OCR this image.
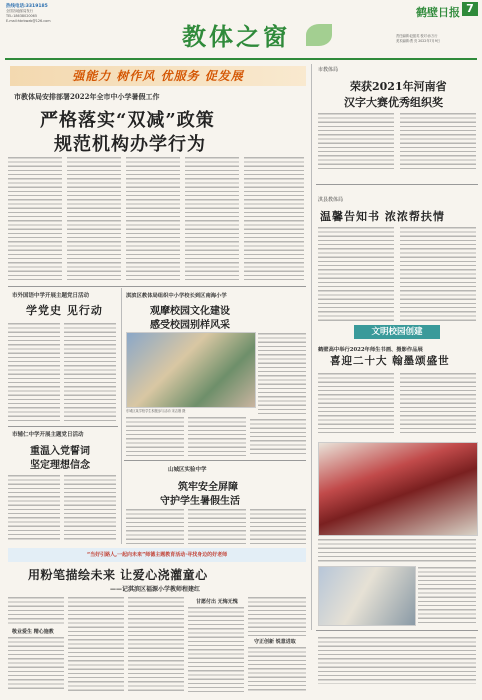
热线电话:3319185
全国各地邮局发行
TEL:18638020065
E-mail:hbrbwzb@126.com
教体之窗
鹤壁日报 7
责任编辑:赵振英 校对:孙万行
美术编辑:贾 亮 2022年7月9日
强能力 树作风 优服务 促发展
市教体局安排部署2022年全市中小学暑假工作
严格落实“双减”政策
规范机构办学行为
市教体局
荣获2021年河南省
汉字大赛优秀组织奖
淇县教体局
温馨告知书 浓浓帮扶情
文明校园创建
鹤壁高中举行2022年师生书画、摄影作品展
喜迎二十大 翰墨颂盛世
市外国语中学开展主题党日活动
学党史 见行动
市辅仁中学开展主题党日活动
重温入党誓词
坚定理想信念
淇滨区教体局组织中小学校长到区南海小学
观摩校园文化建设
感受校园别样风采
东城区某学校学生积极参与活动 宋志刚 摄
山城区实验中学
筑牢安全屏障
守护学生暑假生活
“当好引路人,一起向未来”师德主题教育活动·寻找身边的好老师
用粉笔描绘未来 让爱心浇灌童心
——记淇滨区福源小学教师程建红
敬业爱生 精心施教
甘愿付出 无悔无愧
守正创新 锐意进取
